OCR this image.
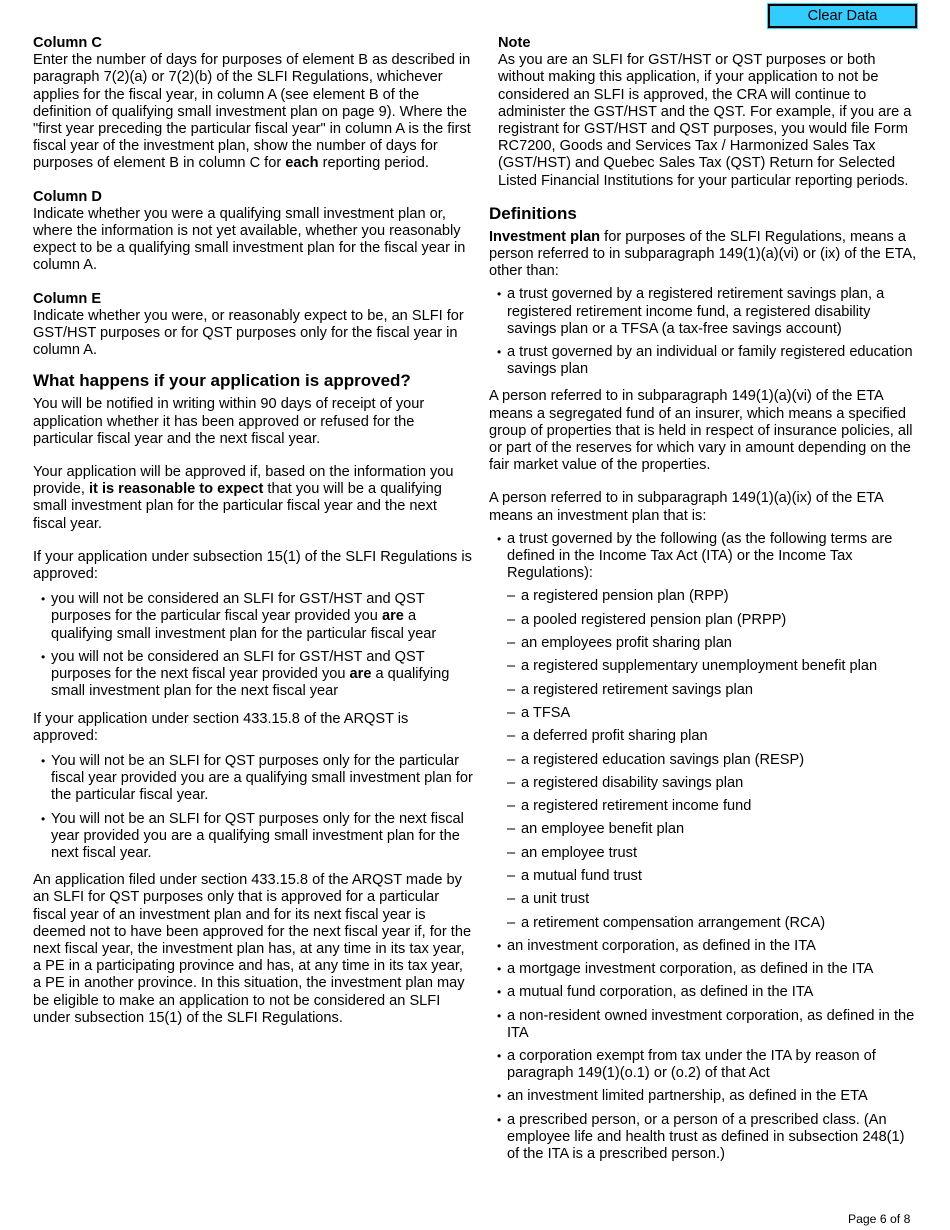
Clear Data
Column C

Enter the number of days for purposes of element B as described in paragraph 7(2)(a) or 7(2)(b) of the SLFI Regulations, whichever applies for the fiscal year, in column A (see element B of the definition of qualifying small investment plan on page 9). Where the "first year preceding the particular fiscal year" in column A is the first fiscal year of the investment plan, show the number of days for purposes of element B in column C for each reporting period.

Column D

Indicate whether you were a qualifying small investment plan or, where the information is not yet available, whether you reasonably expect to be a qualifying small investment plan for the fiscal year in column A.

Column E

Indicate whether you were, or reasonably expect to be, an SLFI for GST/HST purposes or for QST purposes only for the fiscal year in column A.

What happens if your application is approved?

You will be notified in writing within 90 days of receipt of your application whether it has been approved or refused for the particular fiscal year and the next fiscal year.

Your application will be approved if, based on the information you provide, it is reasonable to expect that you will be a qualifying small investment plan for the particular fiscal year and the next fiscal year.

If your application under subsection 15(1) of the SLFI Regulations is approved:

• you will not be considered an SLFI for GST/HST and QST purposes for the particular fiscal year provided you are a qualifying small investment plan for the particular fiscal year
• you will not be considered an SLFI for GST/HST and QST purposes for the next fiscal year provided you are a qualifying small investment plan for the next fiscal year

If your application under section 433.15.8 of the ARQST is approved:

• You will not be an SLFI for QST purposes only for the particular fiscal year provided you are a qualifying small investment plan for the particular fiscal year.
• You will not be an SLFI for QST purposes only for the next fiscal year provided you are a qualifying small investment plan for the next fiscal year.

An application filed under section 433.15.8 of the ARQST made by an SLFI for QST purposes only that is approved for a particular fiscal year of an investment plan and for its next fiscal year is deemed not to have been approved for the next fiscal year if, for the next fiscal year, the investment plan has, at any time in its tax year, a PE in a participating province and has, at any time in its tax year, a PE in another province. In this situation, the investment plan may be eligible to make an application to not be considered an SLFI under subsection 15(1) of the SLFI Regulations.

Note

As you are an SLFI for GST/HST or QST purposes or both without making this application, if your application to not be considered an SLFI is approved, the CRA will continue to administer the GST/HST and the QST. For example, if you are a registrant for GST/HST and QST purposes, you would file Form RC7200, Goods and Services Tax / Harmonized Sales Tax (GST/HST) and Quebec Sales Tax (QST) Return for Selected Listed Financial Institutions for your particular reporting periods.

Definitions

Investment plan for purposes of the SLFI Regulations, means a person referred to in subparagraph 149(1)(a)(vi) or (ix) of the ETA, other than:

• a trust governed by a registered retirement savings plan, a registered retirement income fund, a registered disability savings plan or a TFSA (a tax-free savings account)
• a trust governed by an individual or family registered education savings plan

A person referred to in subparagraph 149(1)(a)(vi) of the ETA means a segregated fund of an insurer, which means a specified group of properties that is held in respect of insurance policies, all or part of the reserves for which vary in amount depending on the fair market value of the properties.

A person referred to in subparagraph 149(1)(a)(ix) of the ETA means an investment plan that is:

• a trust governed by the following (as the following terms are defined in the Income Tax Act (ITA) or the Income Tax Regulations):
– a registered pension plan (RPP)
– a pooled registered pension plan (PRPP)
– an employees profit sharing plan
– a registered supplementary unemployment benefit plan
– a registered retirement savings plan
– a TFSA
– a deferred profit sharing plan
– a registered education savings plan (RESP)
– a registered disability savings plan
– a registered retirement income fund
– an employee benefit plan
– an employee trust
– a mutual fund trust
– a unit trust
– a retirement compensation arrangement (RCA)
• an investment corporation, as defined in the ITA
• a mortgage investment corporation, as defined in the ITA
• a mutual fund corporation, as defined in the ITA
• a non-resident owned investment corporation, as defined in the ITA
• a corporation exempt from tax under the ITA by reason of paragraph 149(1)(o.1) or (o.2) of that Act
• an investment limited partnership, as defined in the ETA
• a prescribed person, or a person of a prescribed class. (An employee life and health trust as defined in subsection 248(1) of the ITA is a prescribed person.)
Page 6 of 8
